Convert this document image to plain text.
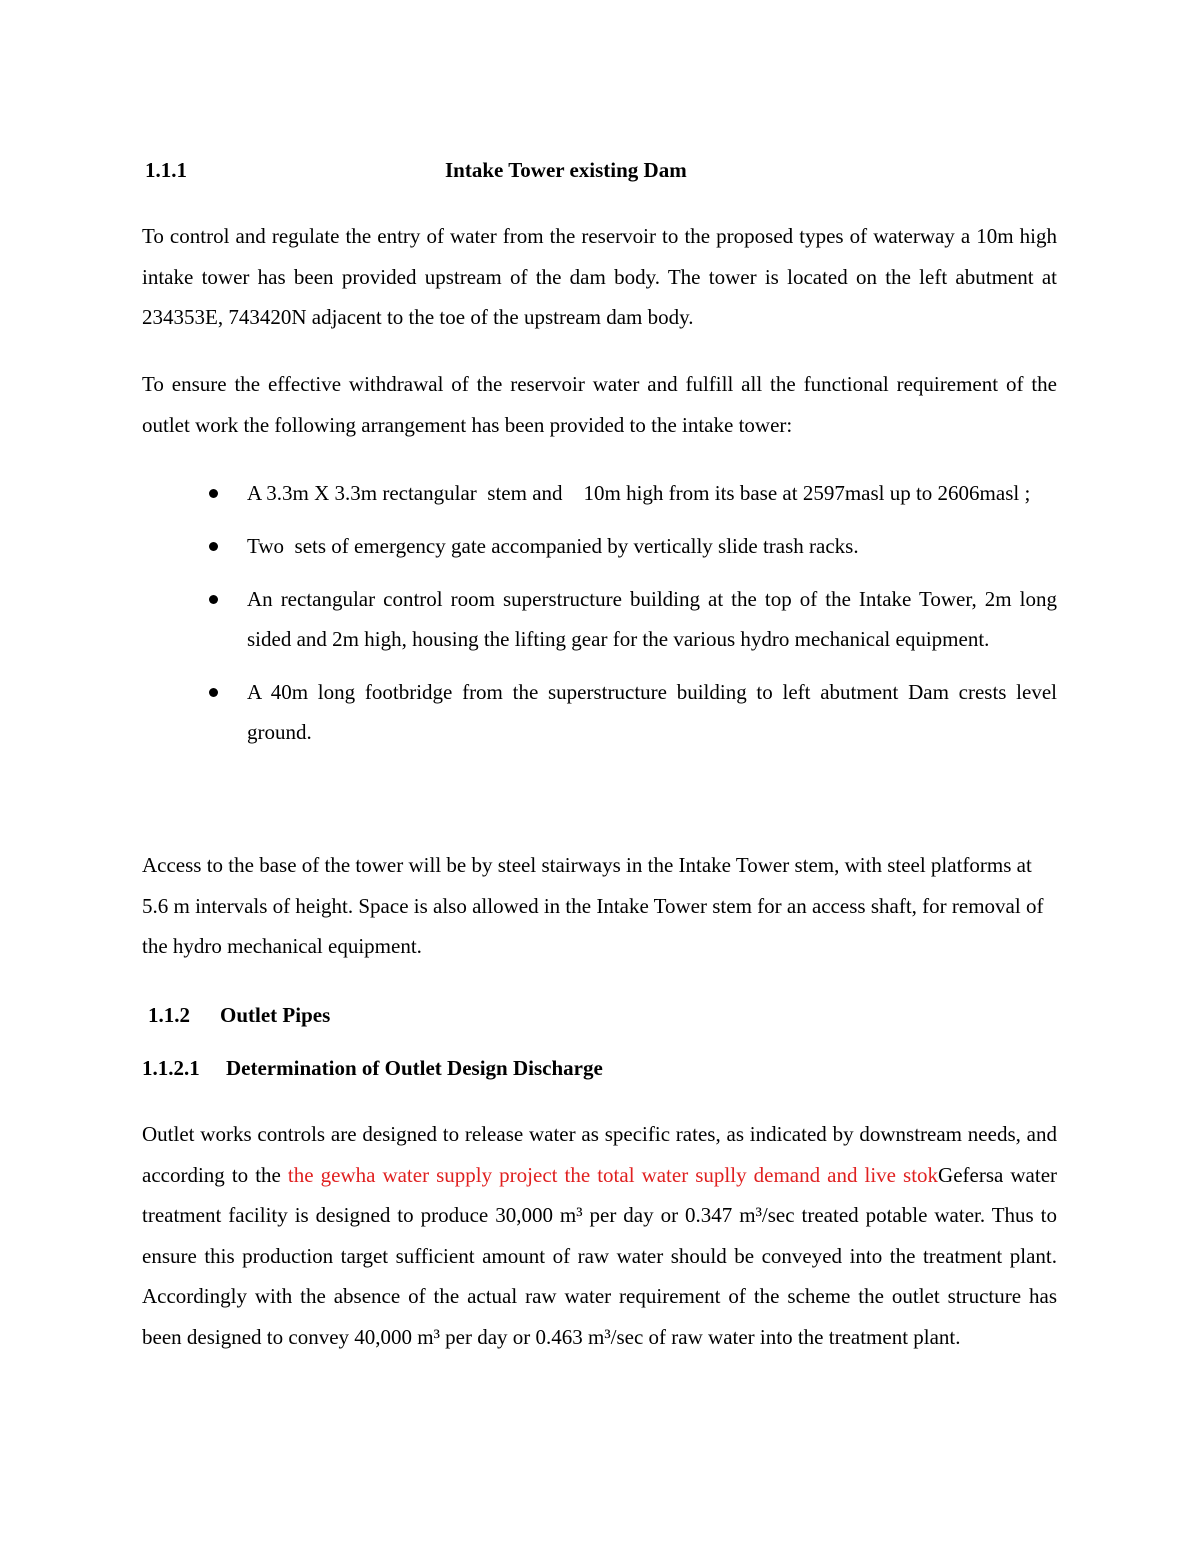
1.1.1	Intake Tower existing Dam

To control and regulate the entry of water from the reservoir to the proposed types of waterway a 10m high intake tower has been provided upstream of the dam body. The tower is located on the left abutment at 234353E, 743420N adjacent to the toe of the upstream dam body.

To ensure the effective withdrawal of the reservoir water and fulfill all the functional requirement of the outlet work the following arrangement has been provided to the intake tower:

A 3.3m X 3.3m rectangular  stem and    10m high from its base at 2597masl up to 2606masl ;
Two  sets of emergency gate accompanied by vertically slide trash racks.
An rectangular control room superstructure building at the top of the Intake Tower, 2m long sided and 2m high, housing the lifting gear for the various hydro mechanical equipment.
A 40m long footbridge from the superstructure building to left abutment Dam crests level ground.

Access to the base of the tower will be by steel stairways in the Intake Tower stem, with steel platforms at 5.6 m intervals of height. Space is also allowed in the Intake Tower stem for an access shaft, for removal of the hydro mechanical equipment.

1.1.2 Outlet Pipes
1.1.2.1 Determination of Outlet Design Discharge

Outlet works controls are designed to release water as specific rates, as indicated by downstream needs, and according to the the gewha water supply project the total water suplly demand and live stokGefersa water treatment facility is designed to produce 30,000 m³ per day or 0.347 m³/sec treated potable water. Thus to ensure this production target sufficient amount of raw water should be conveyed into the treatment plant. Accordingly with the absence of the actual raw water requirement of the scheme the outlet structure has been designed to convey 40,000 m³ per day or 0.463 m³/sec of raw water into the treatment plant.
